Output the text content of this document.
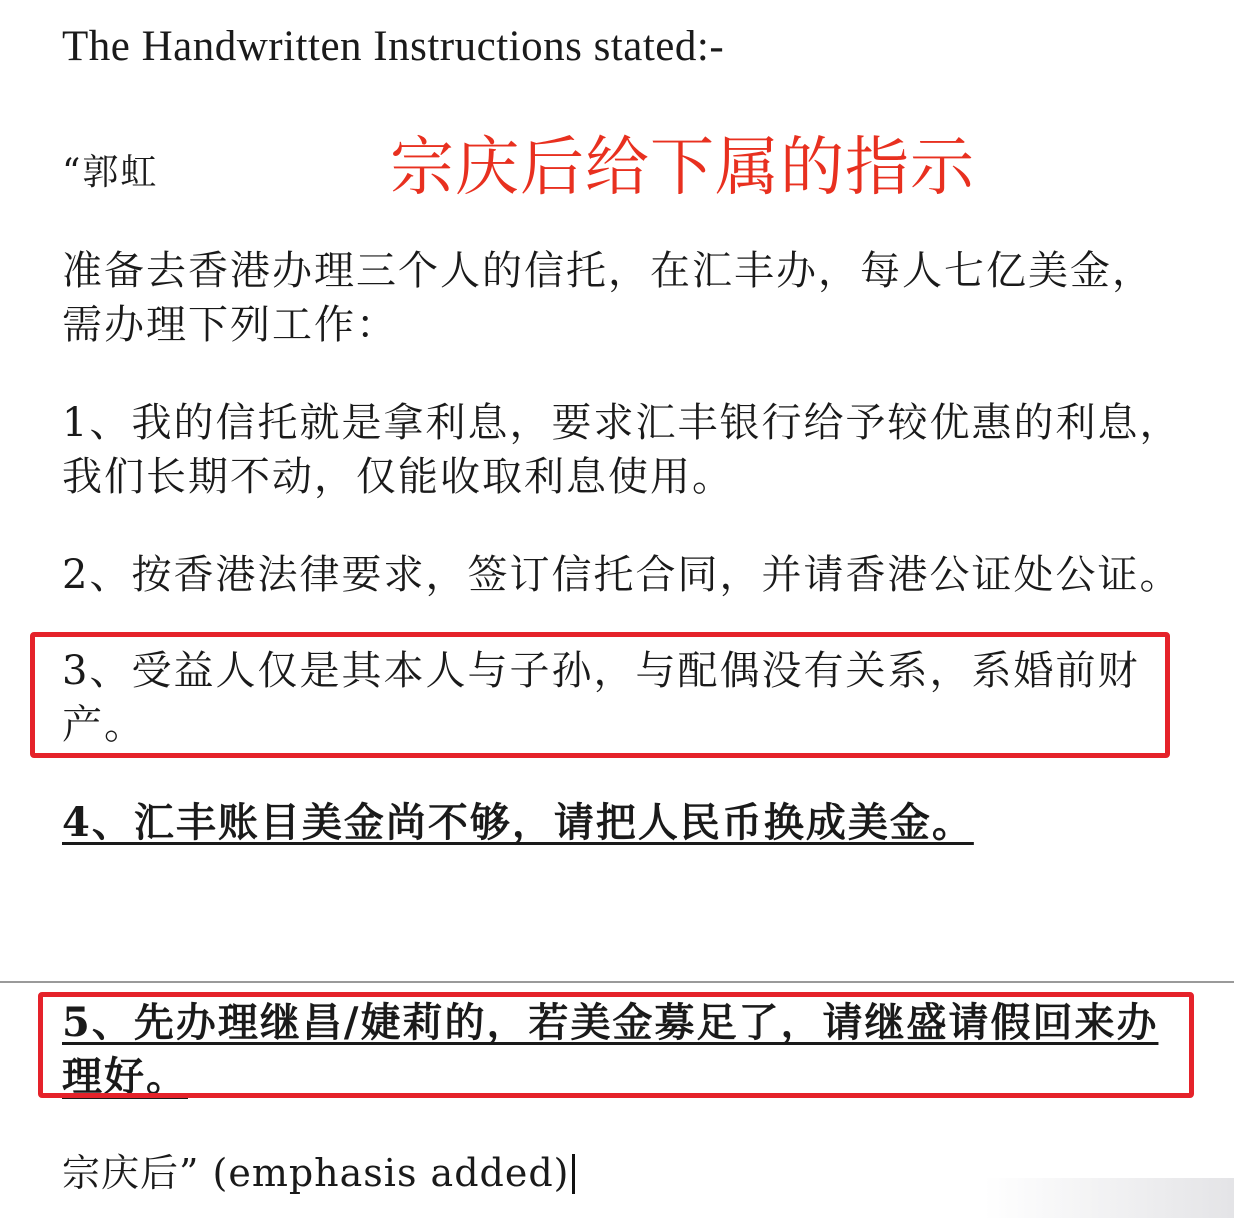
The Handwritten Instructions stated:-

“郭虹	宗庆后给下属的指示

准备去香港办理三个人的信托，在汇丰办，每人七亿美金，

需办理下列工作：

1、我的信托就是拿利息，要求汇丰银行给予较优惠的利息，

我们长期不动，仅能收取利息使用。

2、按香港法律要求，签订信托合同，并请香港公证处公证。

3、受益人仅是其本人与子孙，与配偶没有关系，系婚前财

产。

4、汇丰账目美金尚不够，请把人民币换成美金。

5、先办理继昌/婕莉的，若美金募足了，请继盛请假回来办

理好。

宗庆后” (emphasis added)
